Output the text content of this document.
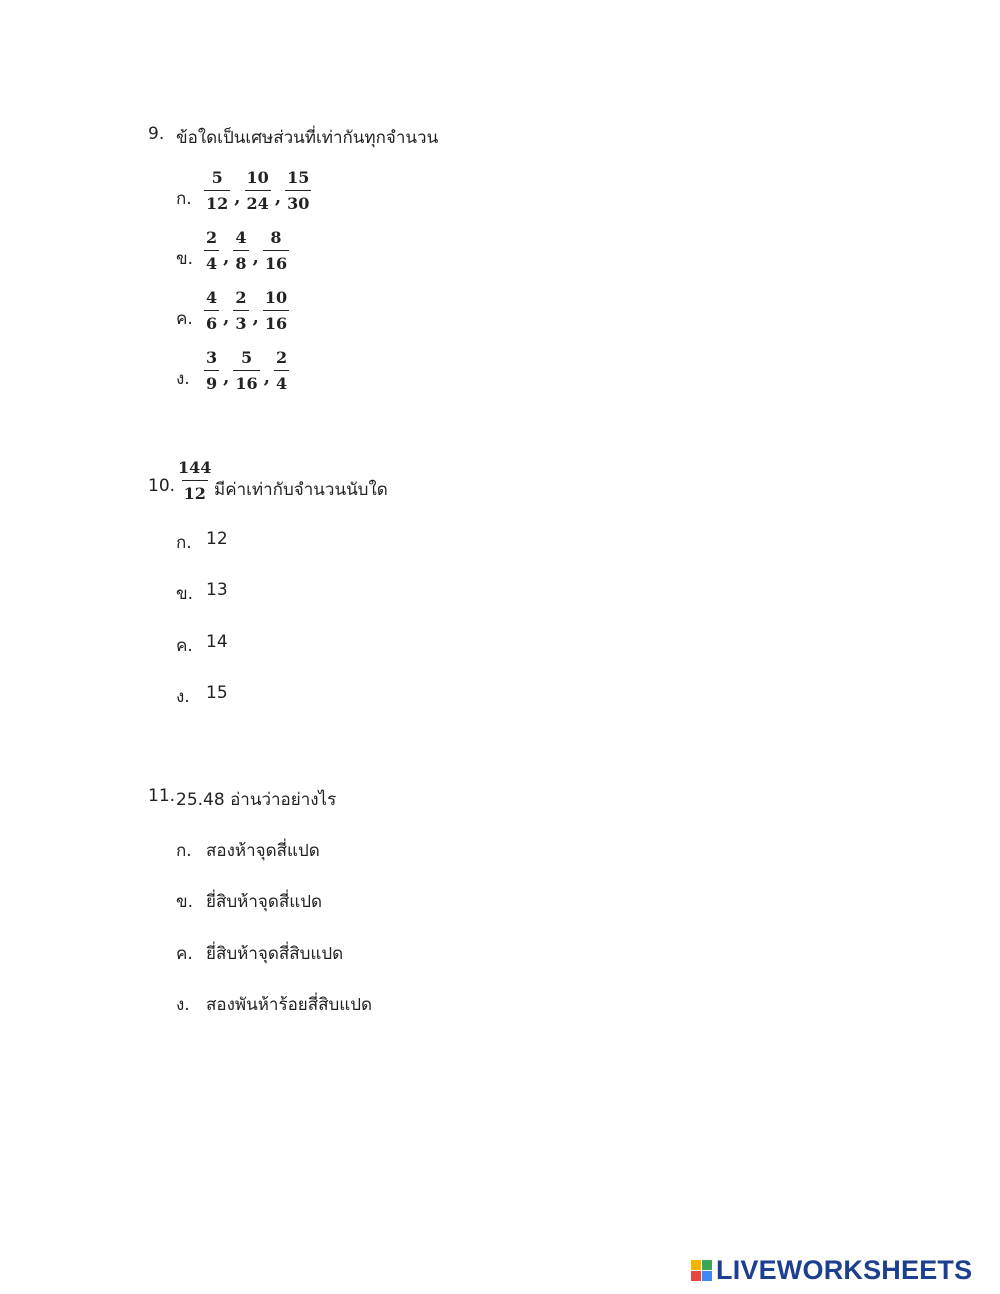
9. ข้อใดเป็นเศษส่วนที่เท่ากันทุกจำนวน
ก. $\frac{5}{12}$ , $\frac{10}{24}$ , $\frac{15}{30}$
ข. $\frac{2}{4}$ , $\frac{4}{8}$ , $\frac{8}{16}$
ค. $\frac{4}{6}$ , $\frac{2}{3}$ , $\frac{10}{16}$
ง. $\frac{3}{9}$ , $\frac{5}{16}$ , $\frac{2}{4}$
10. $\frac{144}{12}$ มีค่าเท่ากับจำนวนนับใด
ก. 12
ข. 13
ค. 14
ง. 15
11. 25.48 อ่านว่าอย่างไร
ก. สองห้าจุดสี่แปด
ข. ยี่สิบห้าจุดสี่แปด
ค. ยี่สิบห้าจุดสี่สิบแปด
ง. สองพันห้าร้อยสี่สิบแปด
LIVEWORKSHEETS
